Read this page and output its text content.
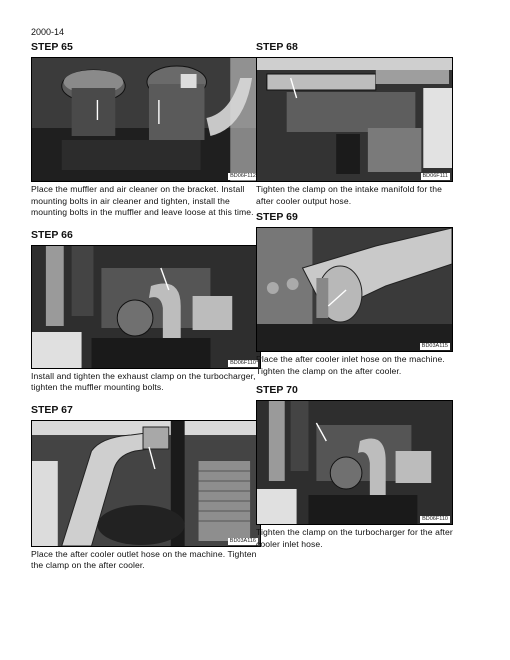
2000-14
STEP 65
BD06F112

Place the muffler and air cleaner on the bracket. Install mounting bolts in air cleaner and tighten, install the mounting bolts in the muffler and leave loose at this time.

STEP 66
BD06F110

Install and tighten the exhaust clamp on the turbocharger, tighten the muffler mounting bolts.

STEP 67
BD03A116

Place the after cooler outlet hose on the machine. Tighten the clamp on the after cooler.

STEP 68
BD06F111

Tighten the clamp on the intake manifold for the after cooler output hose.

STEP 69
BD03A115

Place the after cooler inlet hose on the machine. Tighten the clamp on the after cooler.

STEP 70
BD06F110

Tighten the clamp on the turbocharger for the after cooler inlet hose.
